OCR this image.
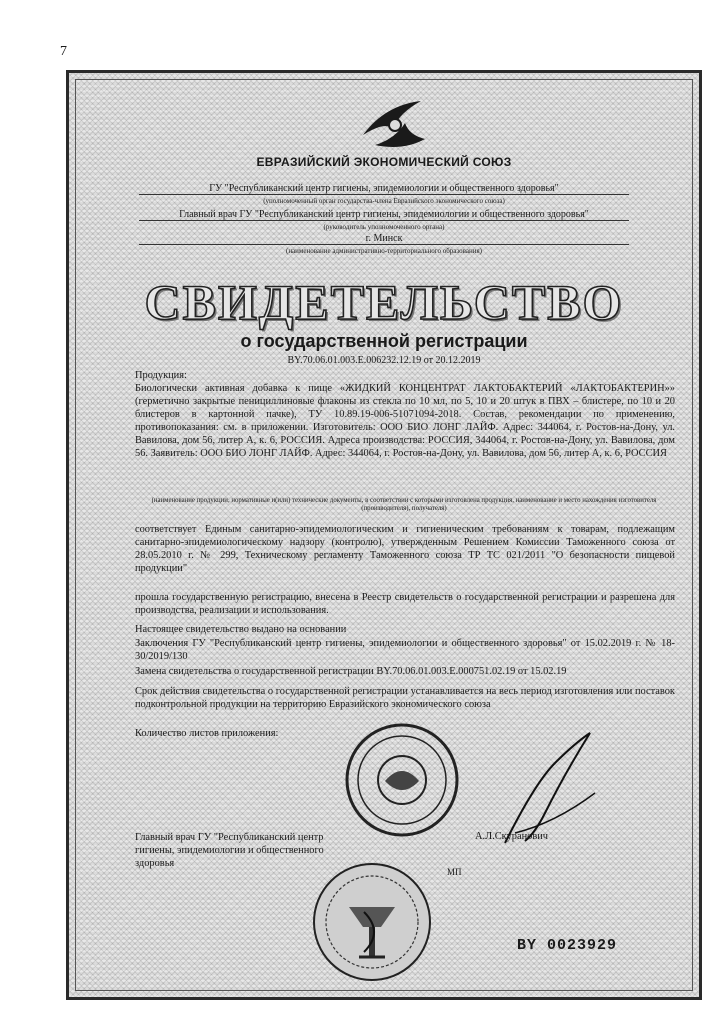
7
ЕВРАЗИЙСКИЙ ЭКОНОМИЧЕСКИЙ СОЮЗ
ГУ "Республиканский центр гигиены, эпидемиологии и общественного здоровья"
(уполномоченный орган государства-члена Евразийского экономического союза)
Главный врач ГУ "Республиканский центр гигиены, эпидемиологии и общественного здоровья"
(руководитель уполномоченного органа)
г. Минск
(наименование административно-территориального образования)
СВИДЕТЕЛЬСТВО
о государственной регистрации
BY.70.06.01.003.E.006232.12.19 от 20.12.2019
Продукция:
Биологически активная добавка к пище «ЖИДКИЙ КОНЦЕНТРАТ ЛАКТОБАКТЕРИЙ «ЛАКТОБАКТЕРИН»» (герметично закрытые пенициллиновые флаконы из стекла по 10 мл, по 5, 10 и 20 штук в ПВХ – блистере, по 10 и 20 блистеров в картонной пачке), ТУ 10.89.19-006-51071094-2018. Состав, рекомендации по применению, противопоказания: см. в приложении. Изготовитель: ООО БИО ЛОНГ ЛАЙФ. Адрес: 344064, г. Ростов-на-Дону, ул. Вавилова, дом 56, литер А, к. 6, РОССИЯ. Адреса производства: РОССИЯ, 344064, г. Ростов-на-Дону, ул. Вавилова, дом 56. Заявитель: ООО БИО ЛОНГ ЛАЙФ. Адрес: 344064, г. Ростов-на-Дону, ул. Вавилова, дом 56, литер А, к. 6, РОССИЯ
(наименование продукции, нормативные и(или) технические документы, в соответствии с которыми изготовлена продукция, наименование и место нахождения изготовителя (производителя), получателя)
соответствует Единым санитарно-эпидемиологическим и гигиеническим требованиям к товарам, подлежащим санитарно-эпидемиологическому надзору (контролю), утвержденным Решением Комиссии Таможенного союза от 28.05.2010 г. № 299, Техническому регламенту Таможенного союза ТР ТС 021/2011 "О безопасности пищевой продукции"
прошла государственную регистрацию, внесена в Реестр свидетельств о государственной регистрации и разрешена для производства, реализации и использования.
Настоящее свидетельство выдано на основании
Заключения ГУ "Республиканский центр гигиены, эпидемиологии и общественного здоровья" от 15.02.2019 г. № 18-30/2019/130
Замена свидетельства о государственной регистрации BY.70.06.01.003.E.000751.02.19 от 15.02.19
Срок действия свидетельства о государственной регистрации устанавливается на весь период изготовления или поставок подконтрольной продукции на территорию Евразийского экономического союза
Количество листов приложения:
Главный врач ГУ "Республиканский центр гигиены, эпидемиологии и общественного здоровья
А.Л.Скуранович
МП
BY 0023929
